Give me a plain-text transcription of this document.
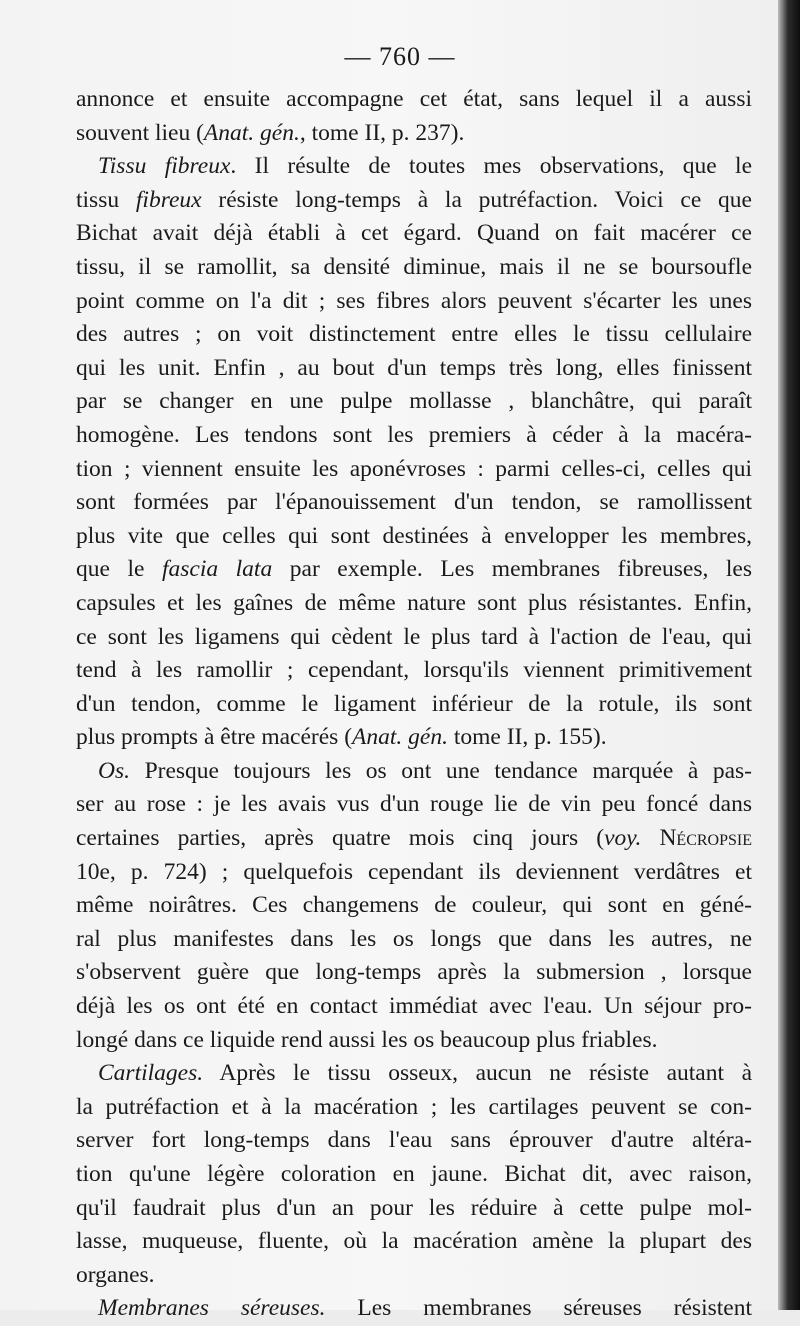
— 760 —
annonce et ensuite accompagne cet état, sans lequel il a aussi
souvent lieu (Anat. gén., tome II, p. 237).
Tissu fibreux. Il résulte de toutes mes observations, que le
tissu fibreux résiste long-temps à la putréfaction. Voici ce que
Bichat avait déjà établi à cet égard. Quand on fait macérer ce
tissu, il se ramollit, sa densité diminue, mais il ne se boursoufle
point comme on l'a dit ; ses fibres alors peuvent s'écarter les unes
des autres ; on voit distinctement entre elles le tissu cellulaire
qui les unit. Enfin , au bout d'un temps très long, elles finissent
par se changer en une pulpe mollasse , blanchâtre, qui paraît
homogène. Les tendons sont les premiers à céder à la macéra-
tion ; viennent ensuite les aponévroses : parmi celles-ci, celles qui
sont formées par l'épanouissement d'un tendon, se ramollissent
plus vite que celles qui sont destinées à envelopper les membres,
que le fascia lata par exemple. Les membranes fibreuses, les
capsules et les gaînes de même nature sont plus résistantes. Enfin,
ce sont les ligamens qui cèdent le plus tard à l'action de l'eau, qui
tend à les ramollir ; cependant, lorsqu'ils viennent primitivement
d'un tendon, comme le ligament inférieur de la rotule, ils sont
plus prompts à être macérés (Anat. gén. tome II, p. 155).
Os. Presque toujours les os ont une tendance marquée à pas-
ser au rose : je les avais vus d'un rouge lie de vin peu foncé dans
certaines parties, après quatre mois cinq jours (voy. Nécropsie
10e, p. 724) ; quelquefois cependant ils deviennent verdâtres et
même noirâtres. Ces changemens de couleur, qui sont en géné-
ral plus manifestes dans les os longs que dans les autres, ne
s'observent guère que long-temps après la submersion , lorsque
déjà les os ont été en contact immédiat avec l'eau. Un séjour pro-
longé dans ce liquide rend aussi les os beaucoup plus friables.
Cartilages. Après le tissu osseux, aucun ne résiste autant à
la putréfaction et à la macération ; les cartilages peuvent se con-
server fort long-temps dans l'eau sans éprouver d'autre altéra-
tion qu'une légère coloration en jaune. Bichat dit, avec raison,
qu'il faudrait plus d'un an pour les réduire à cette pulpe mol-
lasse, muqueuse, fluente, où la macération amène la plupart des
organes.
Membranes séreuses. Les membranes séreuses résistent
